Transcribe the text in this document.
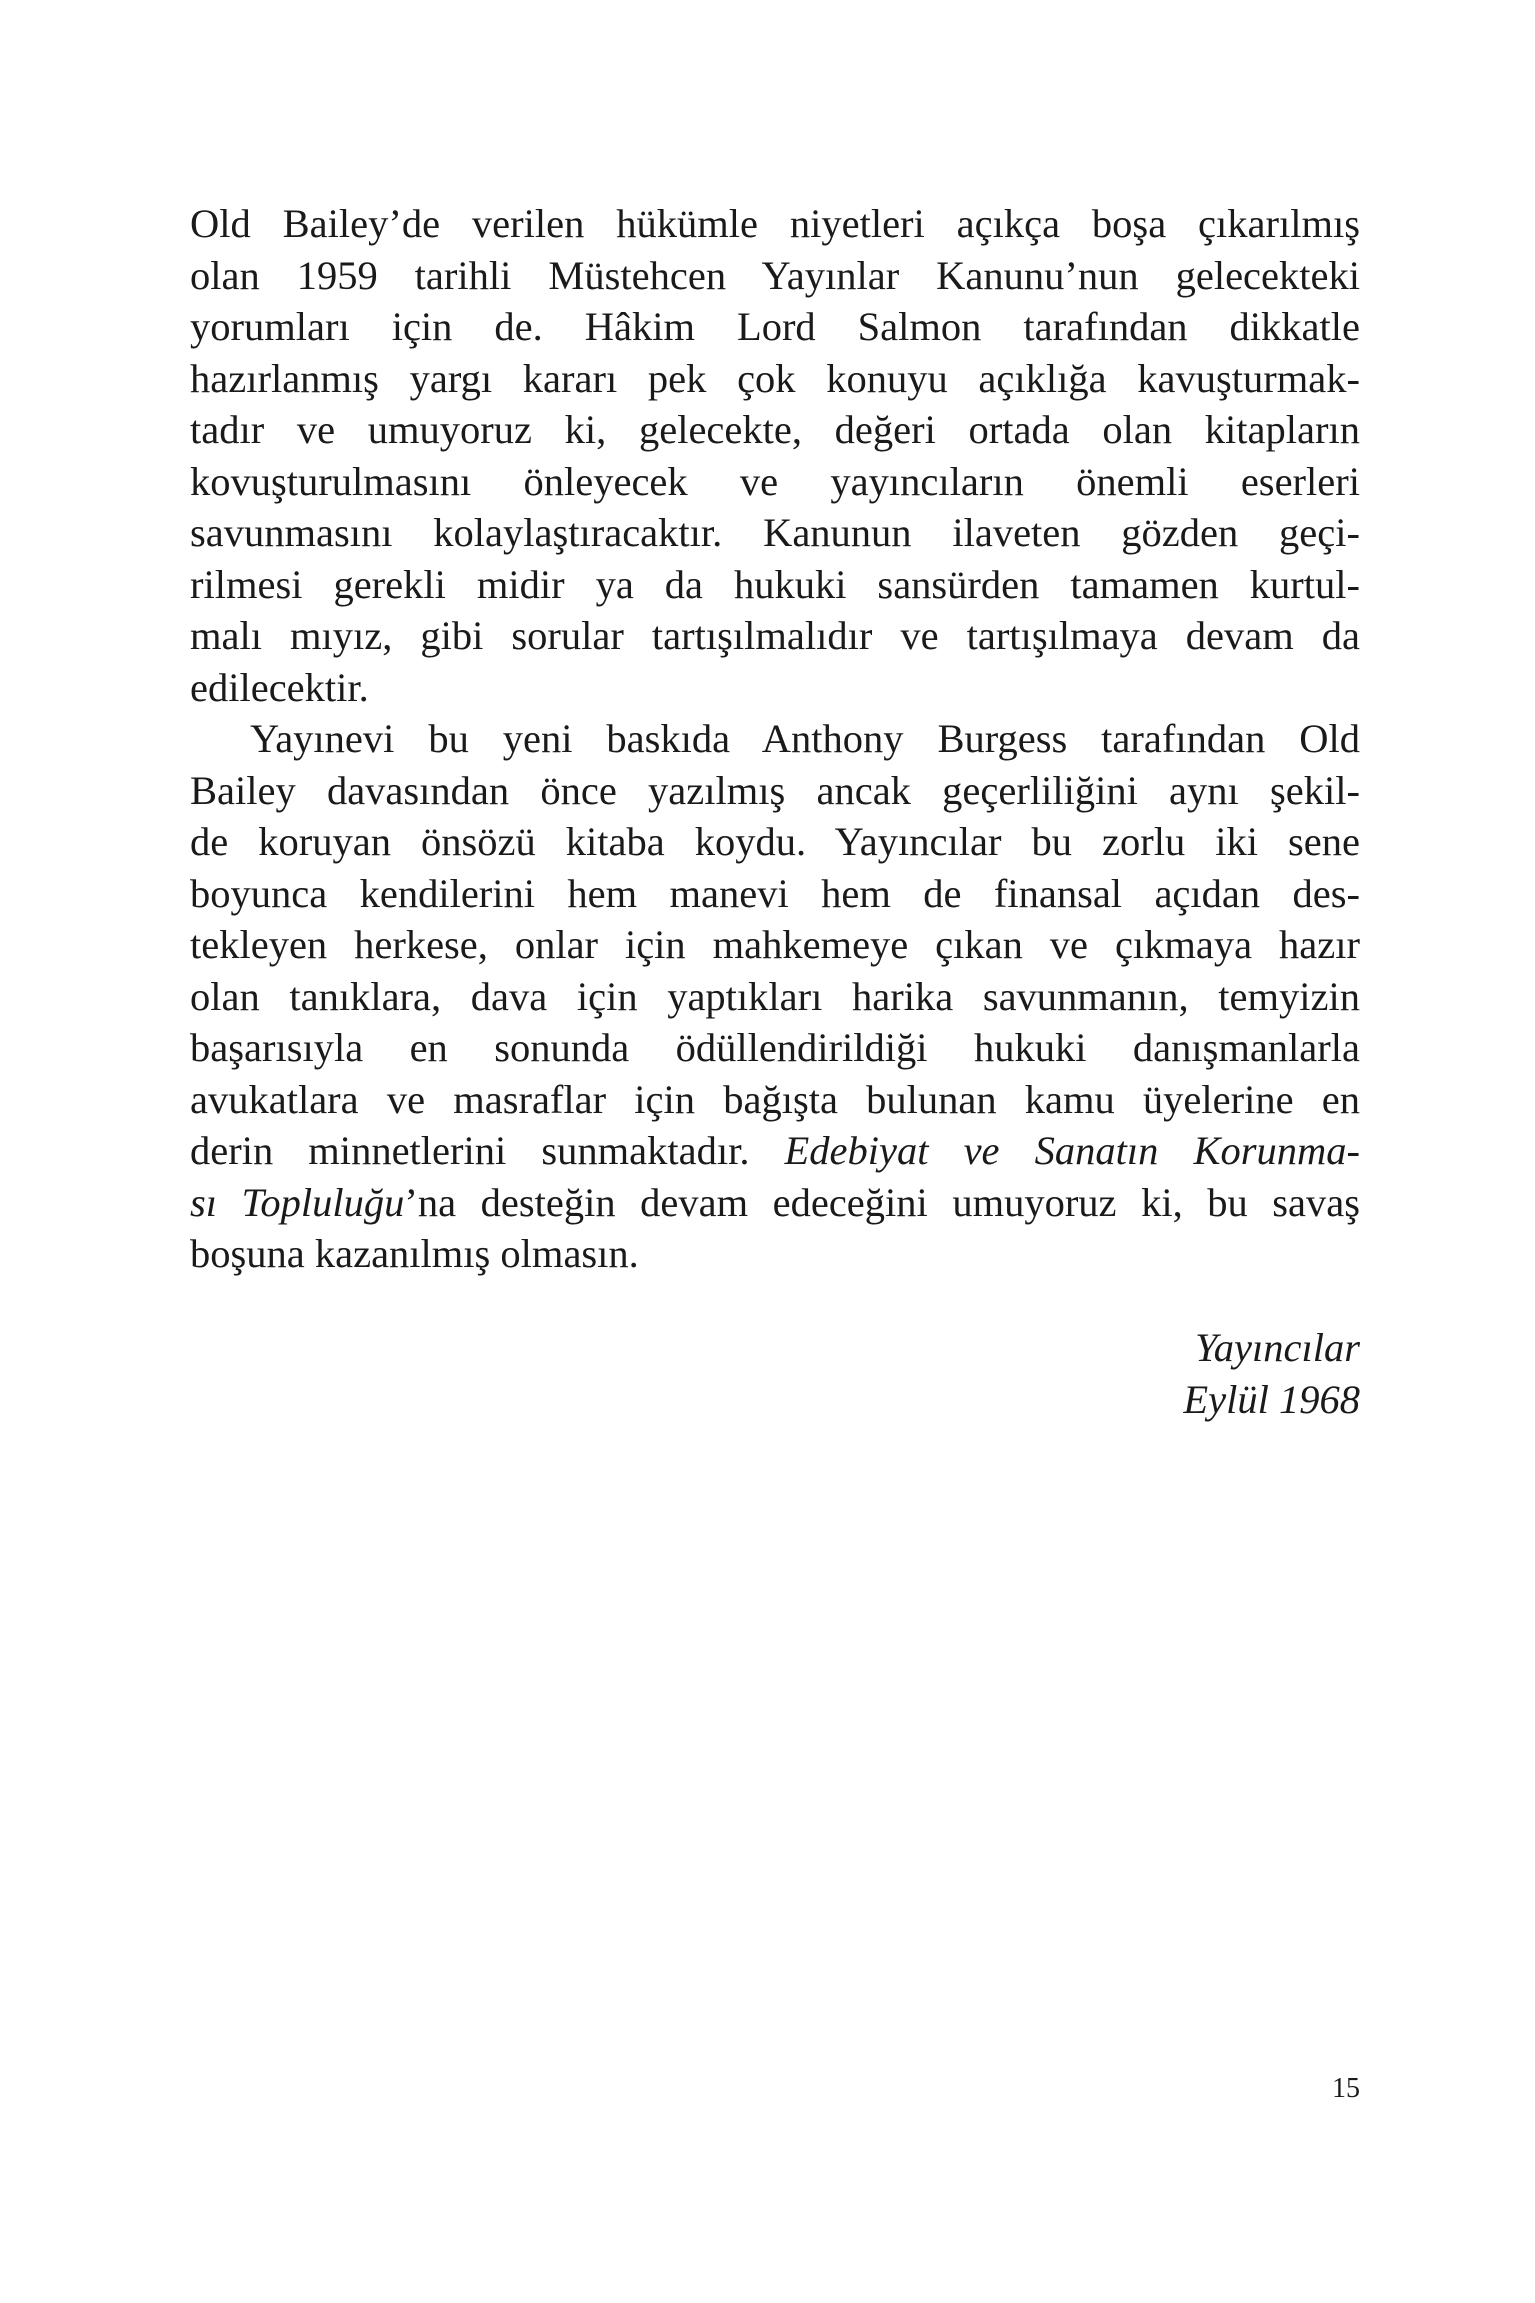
Old Bailey’de verilen hükümle niyetleri açıkça boşa çıkarılmış
olan 1959 tarihli Müstehcen Yayınlar Kanunu’nun gelecekteki
yorumları için de. Hâkim Lord Salmon tarafından dikkatle
hazırlanmış yargı kararı pek çok konuyu açıklığa kavuşturmak-
tadır ve umuyoruz ki, gelecekte, değeri ortada olan kitapların
kovuşturulmasını önleyecek ve yayıncıların önemli eserleri
savunmasını kolaylaştıracaktır. Kanunun ilaveten gözden geçi-
rilmesi gerekli midir ya da hukuki sansürden tamamen kurtul-
malı mıyız, gibi sorular tartışılmalıdır ve tartışılmaya devam da
edilecektir.
Yayınevi bu yeni baskıda Anthony Burgess tarafından Old
Bailey davasından önce yazılmış ancak geçerliliğini aynı şekil-
de koruyan önsözü kitaba koydu. Yayıncılar bu zorlu iki sene
boyunca kendilerini hem manevi hem de finansal açıdan des-
tekleyen herkese, onlar için mahkemeye çıkan ve çıkmaya hazır
olan tanıklara, dava için yaptıkları harika savunmanın, temyizin
başarısıyla en sonunda ödüllendirildiği hukuki danışmanlarla
avukatlara ve masraflar için bağışta bulunan kamu üyelerine en
derin minnetlerini sunmaktadır. Edebiyat ve Sanatın Korunma-
sı Topluluğu’na desteğin devam edeceğini umuyoruz ki, bu savaş
boşuna kazanılmış olmasın.
Yayıncılar
Eylül 1968
15
